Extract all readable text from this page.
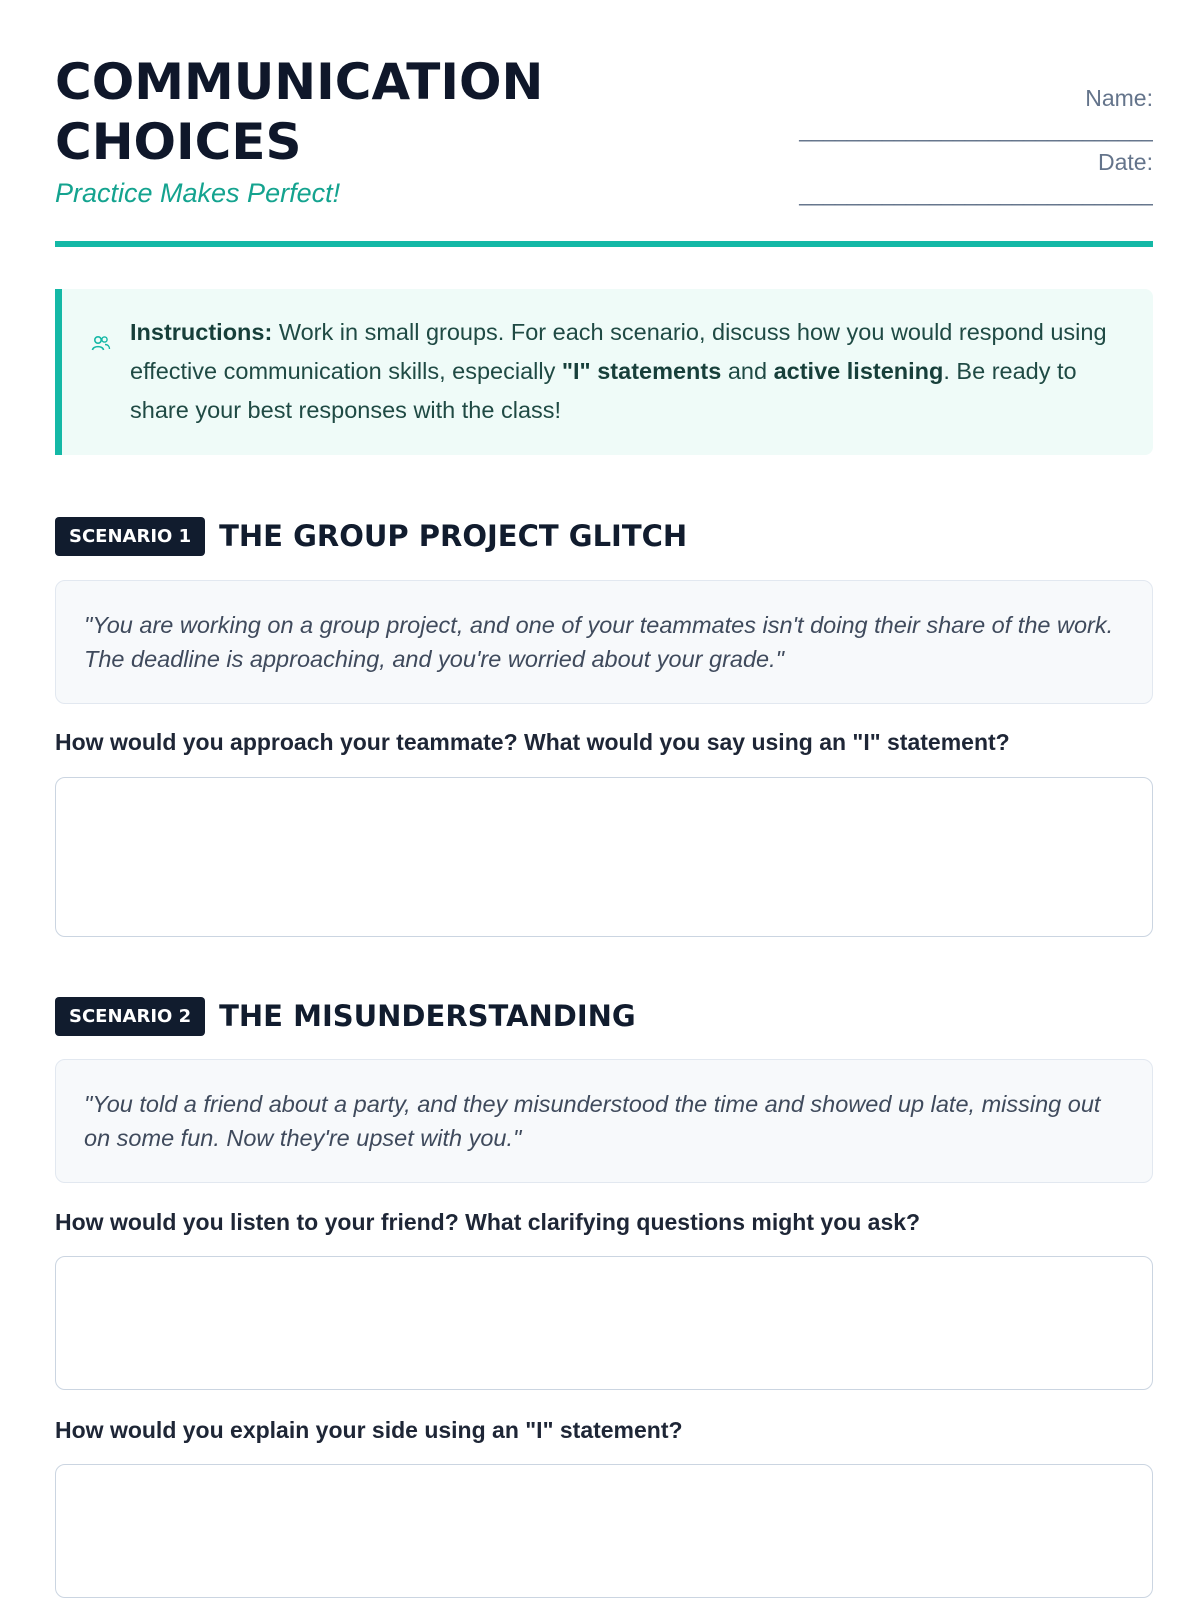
COMMUNICATION
CHOICES
Practice Makes Perfect!
Name:
______________________________
Date:
______________________________
Instructions: Work in small groups. For each scenario, discuss how you would respond using effective communication skills, especially "I" statements and active listening. Be ready to share your best responses with the class!
SCENARIO 1 THE GROUP PROJECT GLITCH
"You are working on a group project, and one of your teammates isn't doing their share of the work. The deadline is approaching, and you're worried about your grade."
How would you approach your teammate? What would you say using an "I" statement?
SCENARIO 2 THE MISUNDERSTANDING
"You told a friend about a party, and they misunderstood the time and showed up late, missing out on some fun. Now they're upset with you."
How would you listen to your friend? What clarifying questions might you ask?
How would you explain your side using an "I" statement?
